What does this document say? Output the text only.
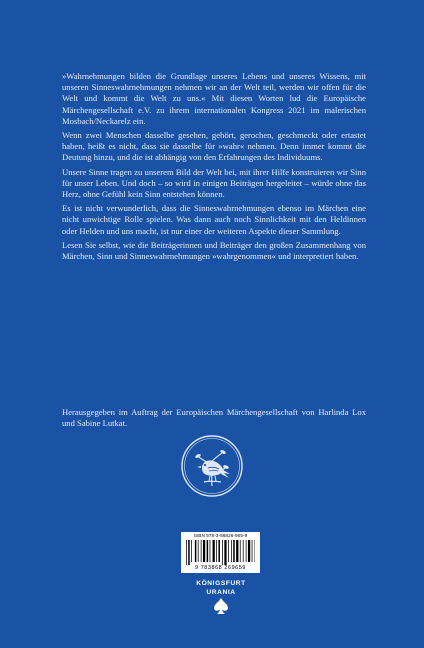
»Wahrnehmungen bilden die Grundlage unseres Lebens und unseres Wissens, mit unseren Sinneswahrnehmungen nehmen wir an der Welt teil, werden wir offen für die Welt und kommt die Welt zu uns.« Mit diesen Worten lud die Europäische Märchengesellschaft e.V. zu ihrem internationalen Kongress 2021 im malerischen Mosbach/Neckarelz ein.

Wenn zwei Menschen dasselbe gesehen, gehört, gerochen, geschmeckt oder ertastet haben, heißt es nicht, dass sie dasselbe für »wahr« nehmen. Denn immer kommt die Deutung hinzu, und die ist abhängig von den Erfahrungen des Individuums.

Unsere Sinne tragen zu unserem Bild der Welt bei, mit ihrer Hilfe konstruieren wir Sinn für unser Leben. Und doch – so wird in einigen Beiträgen hergeleitet – würde ohne das Herz, ohne Gefühl kein Sinn entstehen können.

Es ist nicht verwunderlich, dass die Sinneswahrnehmungen ebenso im Märchen eine nicht unwichtige Rolle spielen. Was dann auch noch Sinnlichkeit mit den Heldinnen oder Helden und uns macht, ist nur einer der weiteren Aspekte dieser Sammlung.

Lesen Sie selbst, wie die Beiträgerinnen und Beiträger den großen Zusammenhang von Märchen, Sinn und Sinneswahrnehmungen »wahrgenommen« und interpretiert haben.

Herausgegeben im Auftrag der Europäischen Märchengesellschaft von Harlinda Lox und Sabine Lutkat.
ISBN 978-3-86826-965-9
9 783868 269659
KÖNIGSFURT
URANIA
